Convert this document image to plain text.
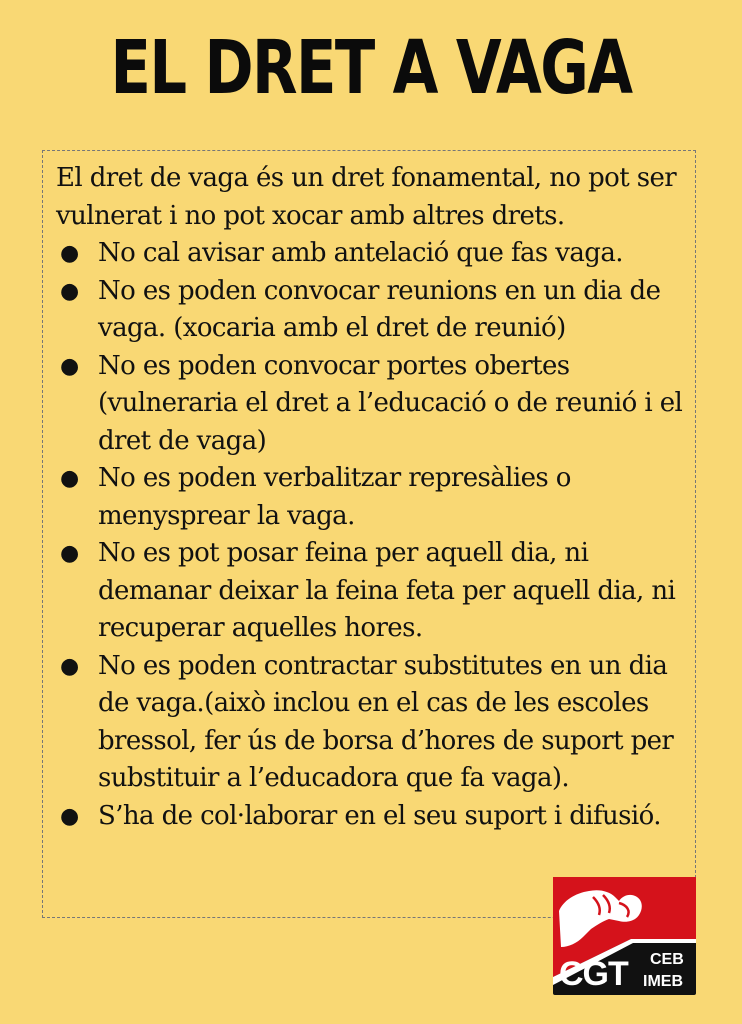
EL DRET A VAGA

El dret de vaga és un dret fonamental, no pot ser vulnerat i no pot xocar amb altres drets.

● No cal avisar amb antelació que fas vaga.
● No es poden convocar reunions en un dia de vaga. (xocaria amb el dret de reunió)
● No es poden convocar portes obertes (vulneraria el dret a l’educació o de reunió i el dret de vaga)
● No es poden verbalitzar represàlies o menysprear la vaga.
● No es pot posar feina per aquell dia, ni demanar deixar la feina feta per aquell dia, ni recuperar aquelles hores.
● No es poden contractar substitutes en un dia de vaga.(això inclou en el cas de les escoles bressol, fer ús de borsa d’hores de suport per substituir a l’educadora que fa vaga).
● S’ha de col·laborar en el seu suport i difusió.
CGT CEB
IMEB
